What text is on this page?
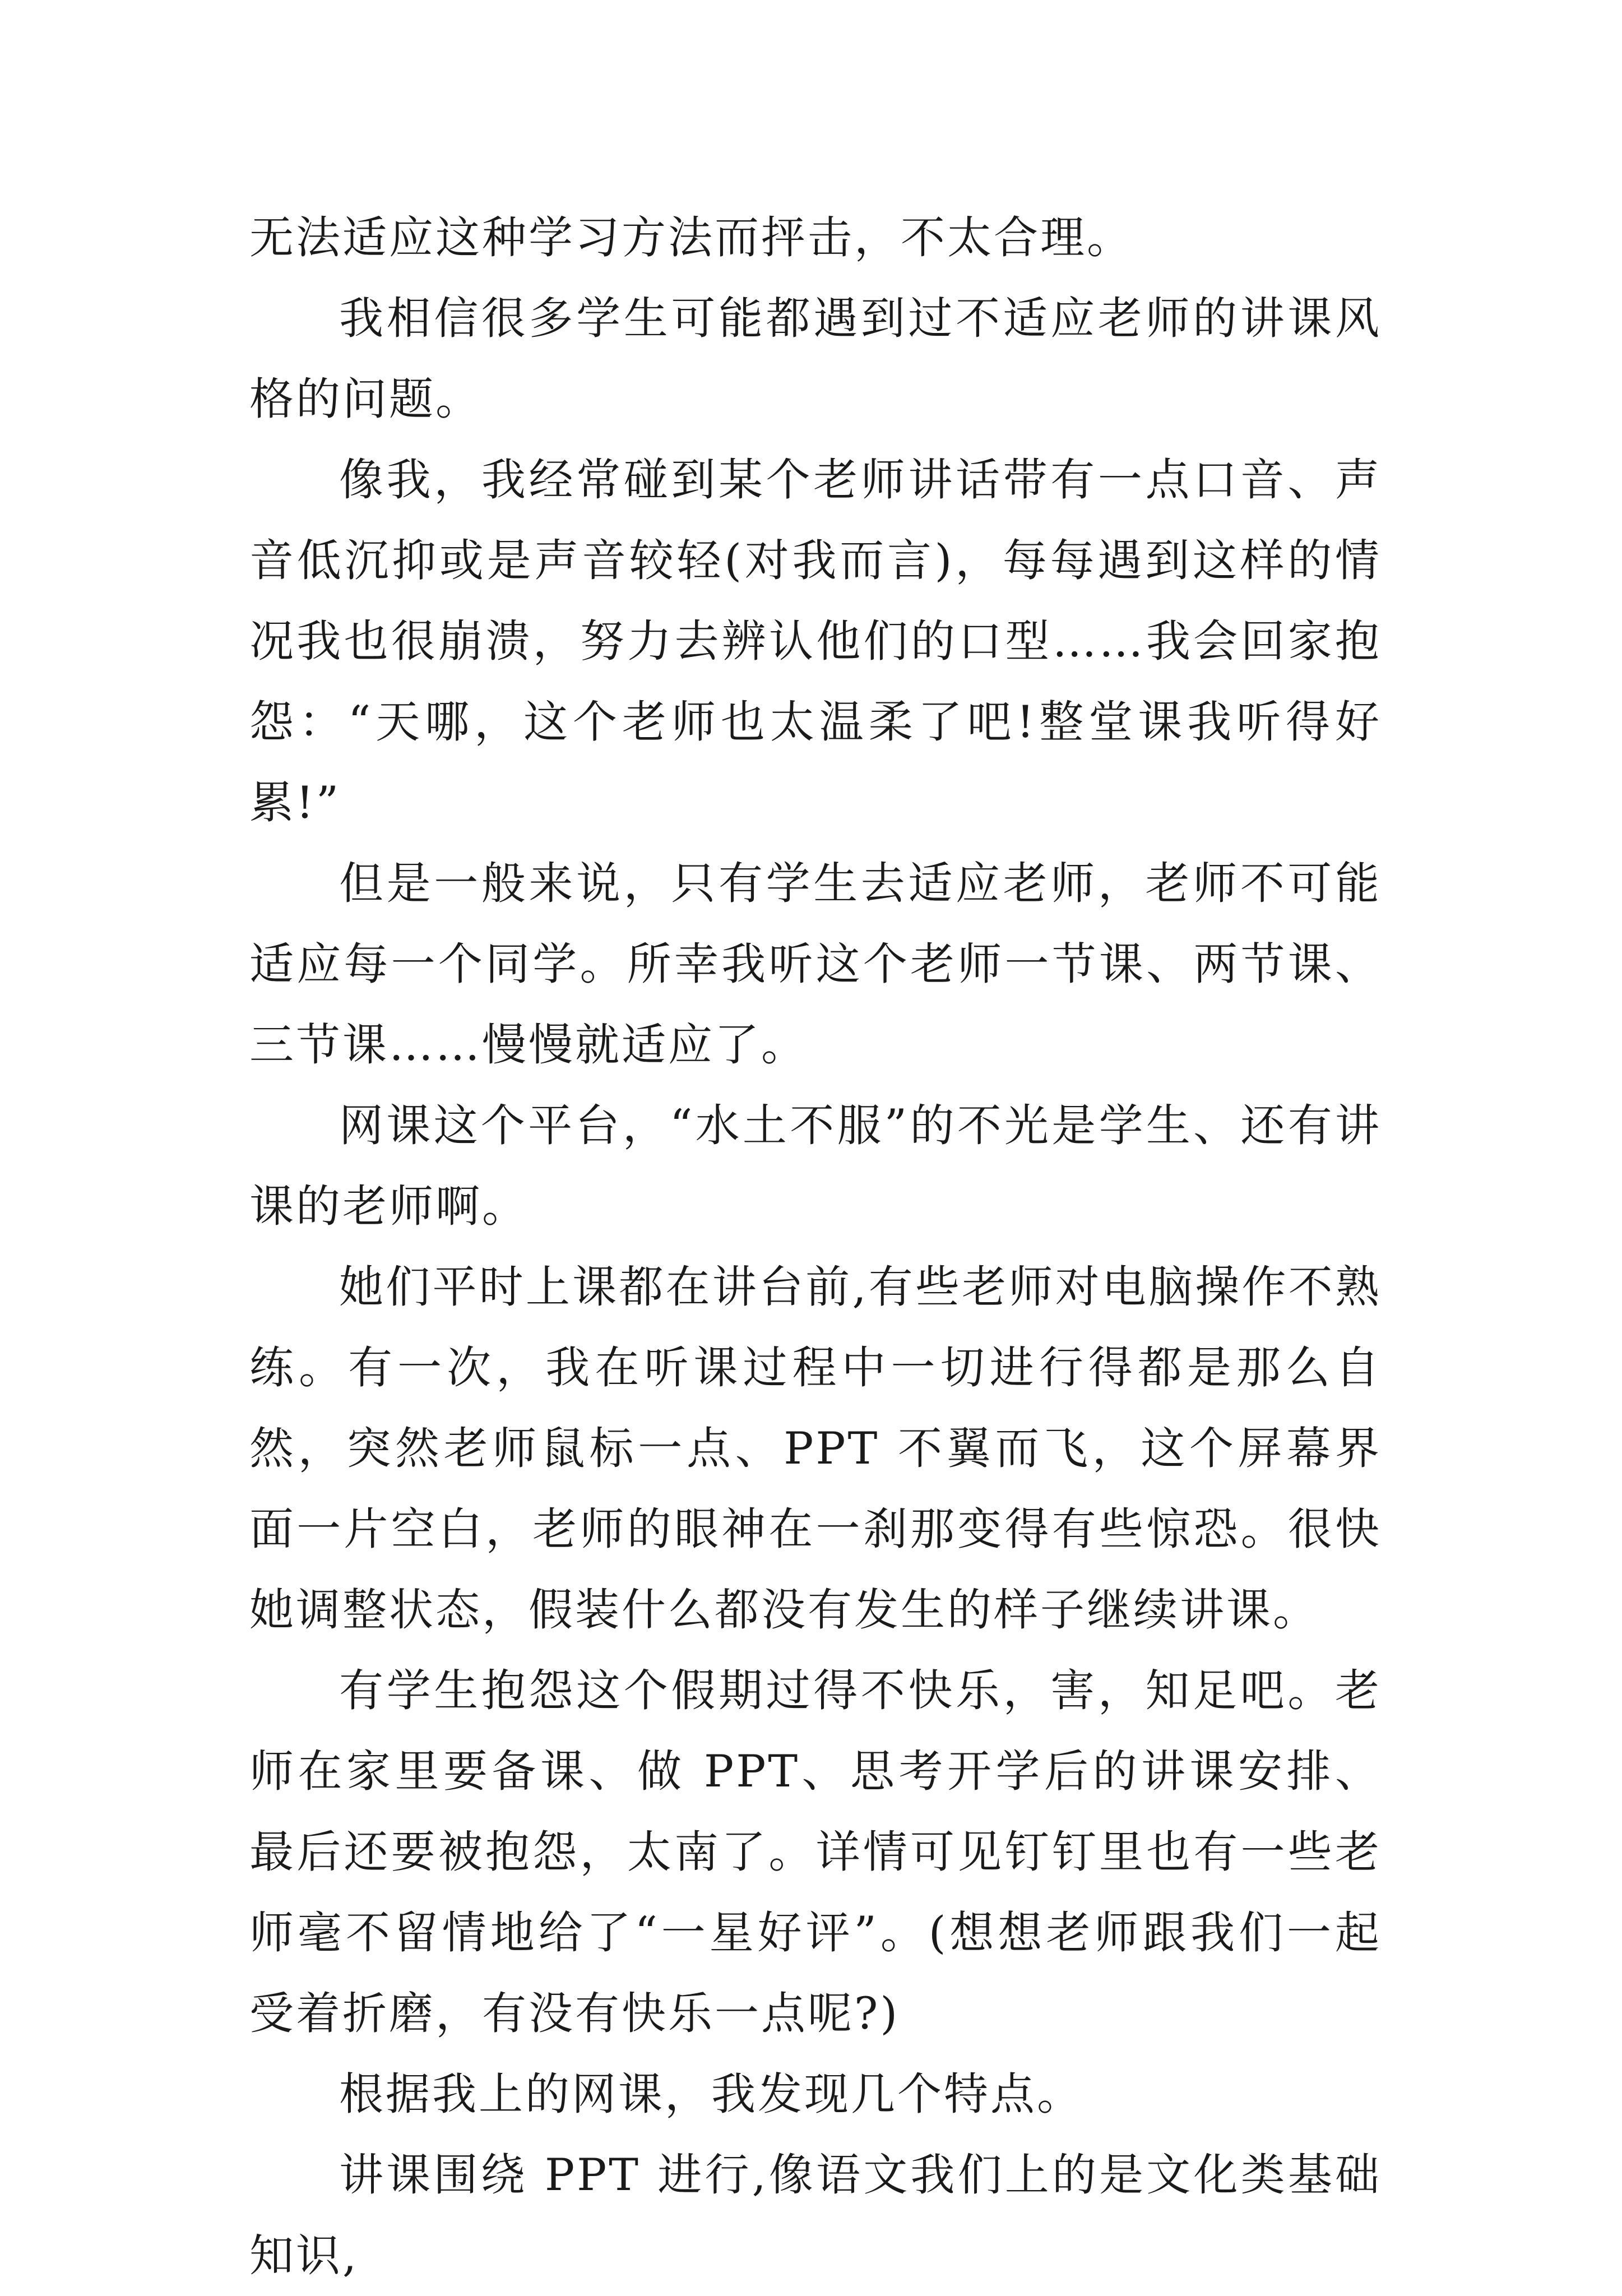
无法适应这种学习方法而抨击，不太合理。

我相信很多学生可能都遇到过不适应老师的讲课风格的问题。

像我，我经常碰到某个老师讲话带有一点口音、声音低沉抑或是声音较轻(对我而言)，每每遇到这样的情况我也很崩溃，努力去辨认他们的口型……我会回家抱怨：“天哪，这个老师也太温柔了吧!整堂课我听得好累!”

但是一般来说，只有学生去适应老师，老师不可能适应每一个同学。所幸我听这个老师一节课、两节课、三节课……慢慢就适应了。

网课这个平台，“水土不服”的不光是学生、还有讲课的老师啊。

她们平时上课都在讲台前,有些老师对电脑操作不熟练。有一次，我在听课过程中一切进行得都是那么自然，突然老师鼠标一点、PPT 不翼而飞，这个屏幕界面一片空白，老师的眼神在一刹那变得有些惊恐。很快她调整状态，假装什么都没有发生的样子继续讲课。

有学生抱怨这个假期过得不快乐，害，知足吧。老师在家里要备课、做 PPT、思考开学后的讲课安排、最后还要被抱怨，太南了。详情可见钉钉里也有一些老师毫不留情地给了“一星好评”。(想想老师跟我们一起受着折磨，有没有快乐一点呢?)

根据我上的网课，我发现几个特点。

讲课围绕 PPT 进行,像语文我们上的是文化类基础知识,
